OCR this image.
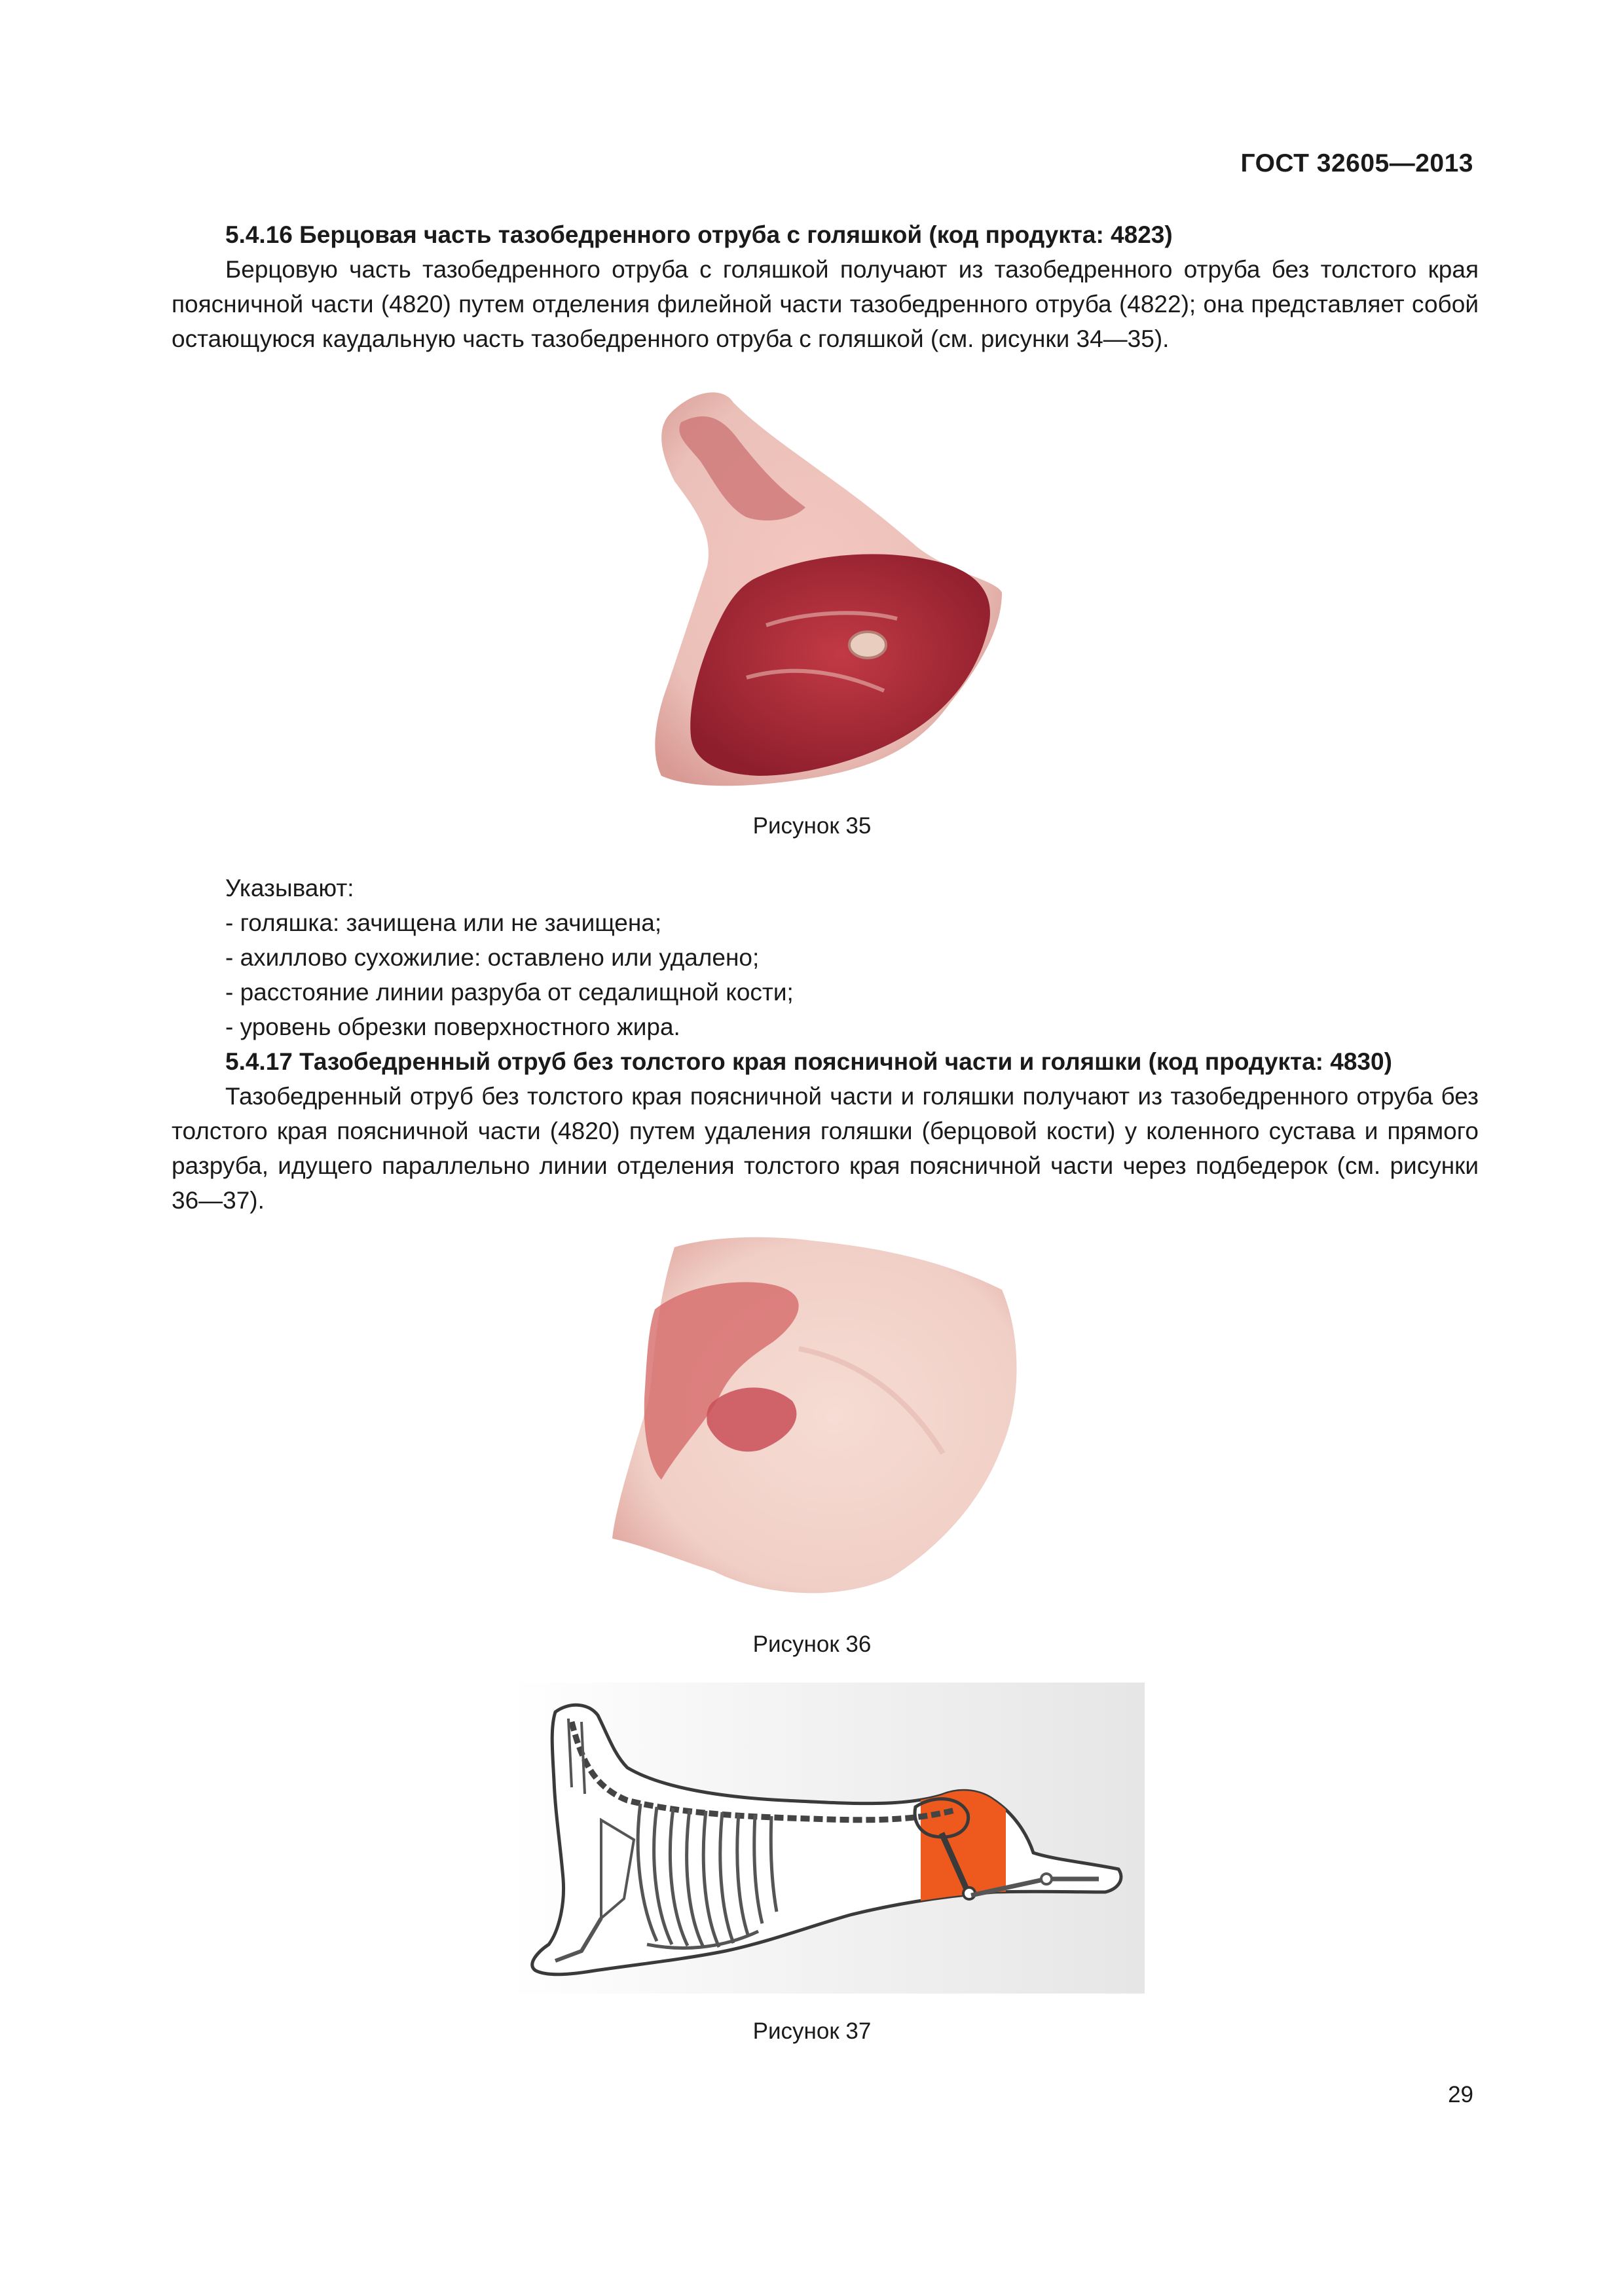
ГОСТ 32605—2013
5.4.16 Берцовая часть тазобедренного отруба с голяшкой (код продукта: 4823)
Берцовую часть тазобедренного отруба с голяшкой получают из тазобедренного отруба без толстого края поясничной части (4820) путем отделения филейной части тазобедренного отруба (4822); она представляет собой остающуюся каудальную часть тазобедренного отруба с голяшкой (см. рисунки 34—35).
Рисунок 35
Указывают:
- голяшка: зачищена или не зачищена;
- ахиллово сухожилие: оставлено или удалено;
- расстояние линии разруба от седалищной кости;
- уровень обрезки поверхностного жира.
5.4.17 Тазобедренный отруб без толстого края поясничной части и голяшки (код продукта: 4830)
Тазобедренный отруб без толстого края поясничной части и голяшки получают из тазобедренного отруба без толстого края поясничной части (4820) путем удаления голяшки (берцовой кости) у коленного сустава и прямого разруба, идущего параллельно линии отделения толстого края поясничной части через подбедерок (см. рисунки 36—37).
Рисунок 36
Рисунок 37
29
